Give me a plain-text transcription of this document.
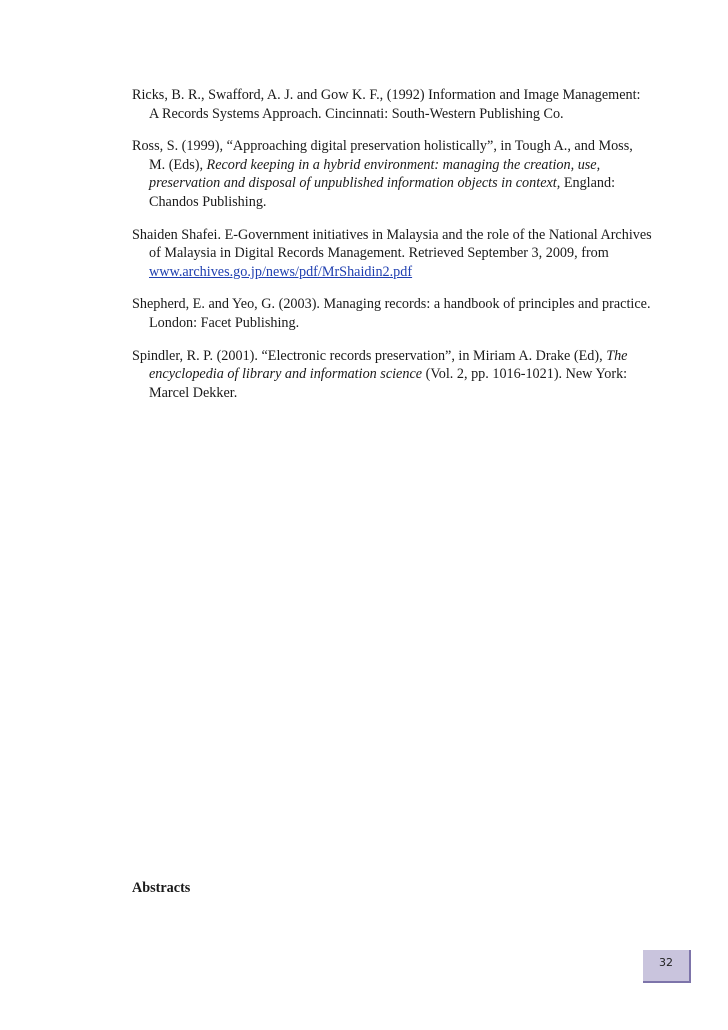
Ricks, B. R., Swafford, A. J. and Gow K. F., (1992) Information and Image Management: A Records Systems Approach. Cincinnati: South-Western Publishing Co.

Ross, S. (1999), “Approaching digital preservation holistically”, in Tough A., and Moss, M. (Eds), Record keeping in a hybrid environment: managing the creation, use, preservation and disposal of unpublished information objects in context, England: Chandos Publishing.

Shaiden Shafei. E-Government initiatives in Malaysia and the role of the National Archives of Malaysia in Digital Records Management. Retrieved September 3, 2009, from www.archives.go.jp/news/pdf/MrShaidin2.pdf

Shepherd, E. and Yeo, G. (2003). Managing records: a handbook of principles and practice. London: Facet Publishing.

Spindler, R. P. (2001). “Electronic records preservation”, in Miriam A. Drake (Ed), The encyclopedia of library and information science (Vol. 2, pp. 1016-1021). New York: Marcel Dekker.

Abstracts
32
